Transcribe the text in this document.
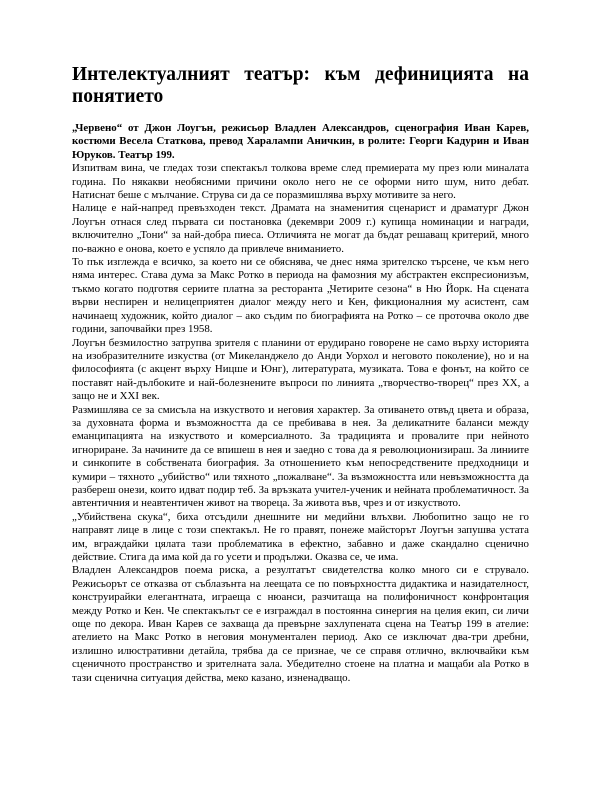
Интелектуалният театър: към дефиницията на понятието

„Червено“ от Джон Лоугън, режисьор Владлен Александров, сценография Иван Карев, костюми Весела Статкова, превод Харалампи Аничкин, в ролите: Георги Кадурин и Иван Юруков. Театър 199.

Изпитвам вина, че гледах този спектакъл толкова време след премиерата му през юли миналата година. По някакви необясними причини около него не се оформи нито шум, нито дебат. Натиснат беше с мълчание. Струва си да се поразмишлява върху мотивите за него.

Налице е най-напред превъзходен текст. Драмата на знаменития сценарист и драматург Джон Лоугън отнася след първата си постановка (декември 2009 г.) купища номинации и награди, включително „Тони“ за най-добра пиеса. Отличията не могат да бъдат решаващ критерий, много по-важно е онова, което е успяло да привлече вниманието.

То пък изглежда е всичко, за което ни се обяснява, че днес няма зрителско търсене, че към него няма интерес. Става дума за Макс Ротко в периода на фамозния му абстрактен експресионизъм, тъкмо когато подготвя сериите платна за ресторанта „Четирите сезона“ в Ню Йорк. На сцената върви неспирен и нелицеприятен диалог между него и Кен, фикционалния му асистент, сам начинаещ художник, който диалог – ако съдим по биографията на Ротко – се проточва около две години, започвайки през 1958.

Лоугън безмилостно затрупва зрителя с планини от ерудирано говорене не само върху историята на изобразителните изкуства (от Микеланджело до Анди Уорхол и неговото поколение), но и на философията (с акцент върху Ницше и Юнг), литературата, музиката. Това е фонът, на който се поставят най-дълбоките и най-болезнените въпроси по линията „творчество-творец“ през XX, а защо не и XXI век.

Размишлява се за смисъла на изкуството и неговия характер. За отиването отвъд цвета и образа, за духовната форма и възможността да се пребивава в нея. За деликатните баланси между еманципацията на изкуството и комерсиалното. За традицията и провалите при нейното игнориране. За начините да се впишеш в нея и заедно с това да я революционизираш. За линиите и синкопите в собствената биография. За отношението към непосредствените предходници и кумири – тяхното „убийство“ или тяхното „пожалване“. За възможността или невъзможността да разбереш онези, които идват подир теб. За връзката учител-ученик и нейната проблематичност. За автентичния и неавтентичен живот на твореца. За живота във, чрез и от изкуството.

„Убийствена скука“, биха отсъдили днешните ни медийни влъхви. Любопитно защо не го направят лице в лице с този спектакъл. Не го правят, понеже майсторът Лоугън запушва устата им, вграждайки цялата тази проблематика в ефектно, забавно и даже скандално сценично действие. Стига да има кой да го усети и продължи. Оказва се, че има.

Владлен Александров поема риска, а резултатът свидетелства колко много си е струвало. Режисьорът се отказва от съблазънта на леещата се по повърхността дидактика и назидателност, конструирайки елегантната, играеща с нюанси, разчитаща на полифоничност конфронтация между Ротко и Кен. Че спектакълът се е изграждал в постоянна синергия на целия екип, си личи още по декора. Иван Карев се захваща да превърне захлупената сцена на Театър 199 в ателие: ателието на Макс Ротко в неговия монументален период. Ако се изключат два-три дребни, излишно илюстративни детайла, трябва да се признае, че се справя отлично, включвайки към сценичното пространство и зрителната зала. Убедително стоене на платна и мащаби ala Ротко в тази сценична ситуация действа, меко казано, изненадващо.
